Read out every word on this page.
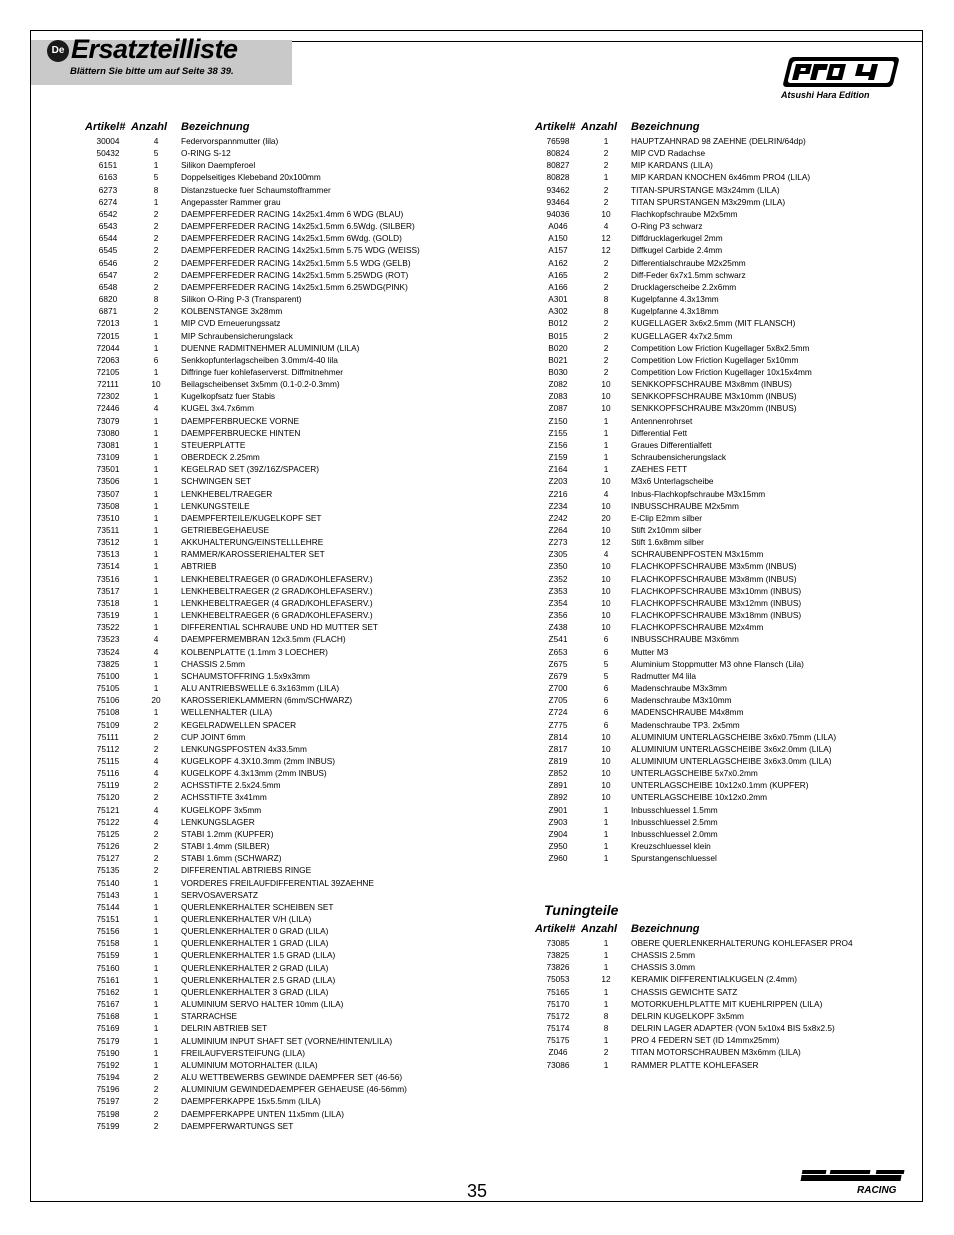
De Ersatzteilliste
Blättern Sie bitte um auf Seite 38 39.
Atsushi Hara Edition
RACING
Artikel#	Anzahl	Bezeichnung
30004	4	Federvorspannmutter (lila)
50432	5	O-RING S-12
6151	1	Silikon Daempferoel
6163	5	Doppelseitiges Klebeband 20x100mm
6273	8	Distanzstuecke fuer Schaumstofframmer
6274	1	Angepasster Rammer grau
6542	2	DAEMPFERFEDER RACING 14x25x1.4mm 6 WDG (BLAU)
6543	2	DAEMPFERFEDER RACING 14x25x1.5mm 6.5Wdg. (SILBER)
6544	2	DAEMPFERFEDER RACING 14x25x1.5mm 6Wdg. (GOLD)
6545	2	DAEMPFERFEDER RACING 14x25x1.5mm 5.75 WDG (WEISS)
6546	2	DAEMPFERFEDER RACING 14x25x1.5mm 5.5 WDG (GELB)
6547	2	DAEMPFERFEDER RACING 14x25x1.5mm 5.25WDG (ROT)
6548	2	DAEMPFERFEDER RACING 14x25x1.5mm 6.25WDG(PINK)
6820	8	Silikon O-Ring P-3 (Transparent)
6871	2	KOLBENSTANGE 3x28mm
72013	1	MIP CVD Erneuerungssatz
72015	1	MIP Schraubensicherungslack
72044	1	DUENNE RADMITNEHMER ALUMINIUM (LILA)
72063	6	Senkkopfunterlagscheiben 3.0mm/4-40 lila
72105	1	Diffringe fuer kohlefaserverst. Diffmitnehmer
72111	10	Beilagscheibenset 3x5mm (0.1-0.2-0.3mm)
72302	1	Kugelkopfsatz fuer Stabis
72446	4	KUGEL 3x4.7x6mm
73079	1	DAEMPFERBRUECKE VORNE
73080	1	DAEMPFERBRUECKE HINTEN
73081	1	STEUERPLATTE
73109	1	OBERDECK 2.25mm
73501	1	KEGELRAD SET (39Z/16Z/SPACER)
73506	1	SCHWINGEN SET
73507	1	LENKHEBEL/TRAEGER
73508	1	LENKUNGSTEILE
73510	1	DAEMPFERTEILE/KUGELKOPF SET
73511	1	GETRIEBEGEHAEUSE
73512	1	AKKUHALTERUNG/EINSTELLLEHRE
73513	1	RAMMER/KAROSSERIEHALTER SET
73514	1	ABTRIEB
73516	1	LENKHEBELTRAEGER (0 GRAD/KOHLEFASERV.)
73517	1	LENKHEBELTRAEGER (2 GRAD/KOHLEFASERV.)
73518	1	LENKHEBELTRAEGER (4 GRAD/KOHLEFASERV.)
73519	1	LENKHEBELTRAEGER (6 GRAD/KOHLEFASERV.)
73522	1	DIFFERENTIAL SCHRAUBE UND HD MUTTER SET
73523	4	DAEMPFERMEMBRAN 12x3.5mm (FLACH)
73524	4	KOLBENPLATTE (1.1mm 3 LOECHER)
73825	1	CHASSIS 2.5mm
75100	1	SCHAUMSTOFFRING 1.5x9x3mm
75105	1	ALU ANTRIEBSWELLE 6.3x163mm (LILA)
75106	20	KAROSSERIEKLAMMERN (6mm/SCHWARZ)
75108	1	WELLENHALTER (LILA)
75109	2	KEGELRADWELLEN SPACER
75111	2	CUP JOINT 6mm
75112	2	LENKUNGSPFOSTEN 4x33.5mm
75115	4	KUGELKOPF 4.3X10.3mm (2mm INBUS)
75116	4	KUGELKOPF 4.3x13mm (2mm INBUS)
75119	2	ACHSSTIFTE 2.5x24.5mm
75120	2	ACHSSTIFTE 3x41mm
75121	4	KUGELKOPF 3x5mm
75122	4	LENKUNGSLAGER
75125	2	STABI 1.2mm (KUPFER)
75126	2	STABI 1.4mm (SILBER)
75127	2	STABI 1.6mm (SCHWARZ)
75135	2	DIFFERENTIAL ABTRIEBS RINGE
75140	1	VORDERES FREILAUFDIFFERENTIAL 39ZAEHNE
75143	1	SERVOSAVERSATZ
75144	1	QUERLENKERHALTER SCHEIBEN SET
75151	1	QUERLENKERHALTER V/H (LILA)
75156	1	QUERLENKERHALTER 0 GRAD (LILA)
75158	1	QUERLENKERHALTER 1 GRAD (LILA)
75159	1	QUERLENKERHALTER 1.5 GRAD (LILA)
75160	1	QUERLENKERHALTER 2 GRAD (LILA)
75161	1	QUERLENKERHALTER 2.5 GRAD (LILA)
75162	1	QUERLENKERHALTER 3 GRAD (LILA)
75167	1	ALUMINIUM SERVO HALTER 10mm (LILA)
75168	1	STARRACHSE
75169	1	DELRIN ABTRIEB SET
75179	1	ALUMINIUM INPUT SHAFT SET (VORNE/HINTEN/LILA)
75190	1	FREILAUFVERSTEIFUNG (LILA)
75192	1	ALUMINIUM MOTORHALTER (LILA)
75194	2	ALU WETTBEWERBS GEWINDE DAEMPFER SET (46-56)
75196	2	ALUMINIUM GEWINDEDAEMPFER GEHAEUSE (46-56mm)
75197	2	DAEMPFERKAPPE 15x5.5mm (LILA)
75198	2	DAEMPFERKAPPE UNTEN 11x5mm (LILA)
75199	2	DAEMPFERWARTUNGS SET
Artikel#	Anzahl	Bezeichnung
76598	1	HAUPTZAHNRAD 98 ZAEHNE (DELRIN/64dp)
80824	2	MIP CVD Radachse
80827	2	MIP KARDANS (LILA)
80828	1	MIP KARDAN KNOCHEN 6x46mm PRO4 (LILA)
93462	2	TITAN-SPURSTANGE M3x24mm (LILA)
93464	2	TITAN SPURSTANGEN M3x29mm (LILA)
94036	10	Flachkopfschraube M2x5mm
A046	4	O-Ring P3 schwarz
A150	12	Diffdrucklagerkugel 2mm
A157	12	Diffkugel Carbide 2.4mm
A162	2	Differentialschraube M2x25mm
A165	2	Diff-Feder 6x7x1.5mm schwarz
A166	2	Drucklagerscheibe 2.2x6mm
A301	8	Kugelpfanne 4.3x13mm
A302	8	Kugelpfanne 4.3x18mm
B012	2	KUGELLAGER 3x6x2.5mm (MIT FLANSCH)
B015	2	KUGELLAGER 4x7x2.5mm
B020	2	Competition Low Friction Kugellager 5x8x2.5mm
B021	2	Competition Low Friction Kugellager 5x10mm
B030	2	Competition Low Friction Kugellager 10x15x4mm
Z082	10	SENKKOPFSCHRAUBE M3x8mm (INBUS)
Z083	10	SENKKOPFSCHRAUBE M3x10mm (INBUS)
Z087	10	SENKKOPFSCHRAUBE M3x20mm (INBUS)
Z150	1	Antennenrohrset
Z155	1	Differential Fett
Z156	1	Graues Differentialfett
Z159	1	Schraubensicherungslack
Z164	1	ZAEHES FETT
Z203	10	M3x6 Unterlagscheibe
Z216	4	Inbus-Flachkopfschraube M3x15mm
Z234	10	INBUSSCHRAUBE M2x5mm
Z242	20	E-Clip E2mm silber
Z264	10	Stift 2x10mm silber
Z273	12	Stift 1.6x8mm silber
Z305	4	SCHRAUBENPFOSTEN M3x15mm
Z350	10	FLACHKOPFSCHRAUBE M3x5mm (INBUS)
Z352	10	FLACHKOPFSCHRAUBE M3x8mm (INBUS)
Z353	10	FLACHKOPFSCHRAUBE M3x10mm (INBUS)
Z354	10	FLACHKOPFSCHRAUBE M3x12mm (INBUS)
Z356	10	FLACHKOPFSCHRAUBE M3x18mm (INBUS)
Z438	10	FLACHKOPFSCHRAUBE M2x4mm
Z541	6	INBUSSCHRAUBE M3x6mm
Z653	6	Mutter M3
Z675	5	Aluminium Stoppmutter M3 ohne Flansch (Lila)
Z679	5	Radmutter M4 lila
Z700	6	Madenschraube M3x3mm
Z705	6	Madenschraube M3x10mm
Z724	6	MADENSCHRAUBE M4x8mm
Z775	6	Madenschraube TP3. 2x5mm
Z814	10	ALUMINIUM UNTERLAGSCHEIBE 3x6x0.75mm (LILA)
Z817	10	ALUMINIUM UNTERLAGSCHEIBE 3x6x2.0mm (LILA)
Z819	10	ALUMINIUM UNTERLAGSCHEIBE 3x6x3.0mm (LILA)
Z852	10	UNTERLAGSCHEIBE 5x7x0.2mm
Z891	10	UNTERLAGSCHEIBE 10x12x0.1mm (KUPFER)
Z892	10	UNTERLAGSCHEIBE 10x12x0.2mm
Z901	1	Inbusschluessel 1.5mm
Z903	1	Inbusschluessel 2.5mm
Z904	1	Inbusschluessel 2.0mm
Z950	1	Kreuzschluessel klein
Z960	1	Spurstangenschluessel
Tuningteile
Artikel#	Anzahl	Bezeichnung
73085	1	OBERE QUERLENKERHALTERUNG KOHLEFASER PRO4
73825	1	CHASSIS 2.5mm
73826	1	CHASSIS 3.0mm
75053	12	KERAMIK DIFFERENTIALKUGELN (2.4mm)
75165	1	CHASSIS GEWICHTE SATZ
75170	1	MOTORKUEHLPLATTE MIT KUEHLRIPPEN (LILA)
75172	8	DELRIN KUGELKOPF 3x5mm
75174	8	DELRIN LAGER ADAPTER (VON 5x10x4 BIS 5x8x2.5)
75175	1	PRO 4 FEDERN SET (ID 14mmx25mm)
Z046	2	TITAN MOTORSCHRAUBEN M3x6mm (LILA)
73086	1	RAMMER PLATTE KOHLEFASER
35
